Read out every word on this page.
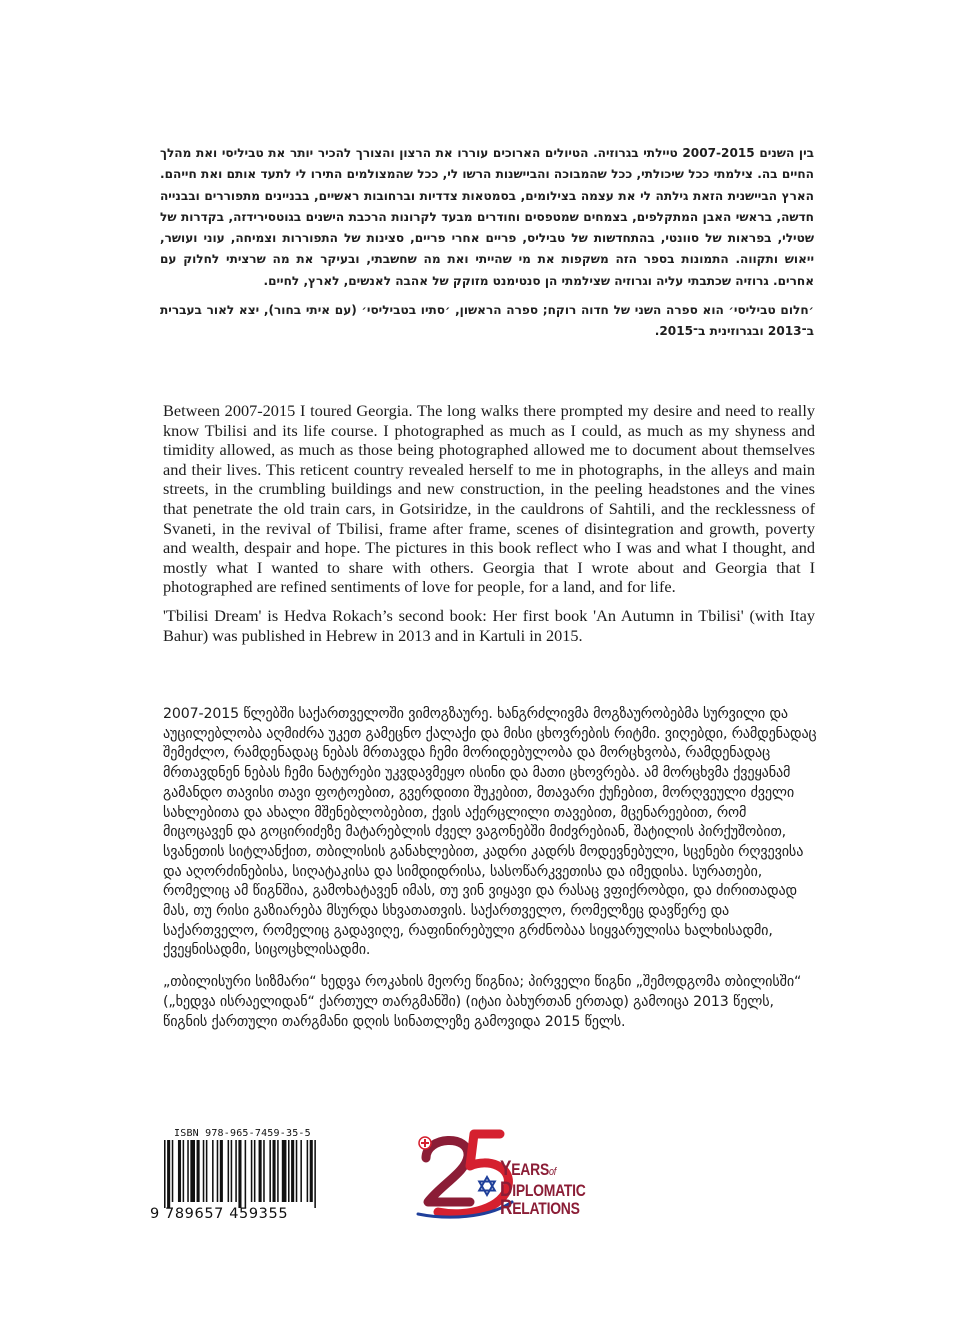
בין השנים 2007-2015 טיילתי בגרוזיה. הטיולים הארוכים עוררו את הרצון והצורך להכיר יותר את טביליסי ואת מהלך החיים בה. צילמתי ככל שיכולתי, ככל שהמבוכה והביישנות הרשו לי, ככל שהמצולמים התירו לי לתעד אותם ואת חייהם. הארץ הביישנית הזאת גילתה לי את עצמה בצילומים, בסמטאות צדדיות וברחובות ראשיים, בבניינים מתפוררים ובבנייה חדשה, בראשי האבן המתקלפים, בצמחים שמטפסים וחודרים מבעד לקרונות הרכבת הישנים בגוטסירידזה, בקדרות של שטילי, בפראות של סוונטי, בהתחדשות של טביליס, פריים אחרי פריים, סצינות של התפוררות וצמיחה, עוני ועושר, ייאוש ותקווה. התמונות בספר הזה משקפות את מי שהייתי ואת מה שחשבתי, ובעיקר את מה שרציתי לחלוק עם אחרים. גרוזיה שכתבתי עליה וגרוזיה שצילמתי הן סנטימנט מזוקק של אהבה לאנשים, לארץ, לחיים.

׳חלום טביליסי׳ הוא ספרה השני של חדוה רוקח; ספרה הראשון, ׳סתיו בטביליסי׳ (עם איתי בחור), יצא לאור בעברית ב־2013 ובגרוזינית ב־2015.

Between 2007-2015 I toured Georgia. The long walks there prompted my desire and need to really know Tbilisi and its life course. I photographed as much as I could, as much as my shyness and timidity allowed, as much as those being photographed allowed me to document about themselves and their lives. This reticent country revealed herself to me in photographs, in the alleys and main streets, in the crumbling buildings and new construction, in the peeling headstones and the vines that penetrate the old train cars, in Gotsiridze, in the cauldrons of Sahtili, and the recklessness of Svaneti, in the revival of Tbilisi, frame after frame, scenes of disintegration and growth, poverty and wealth, despair and hope. The pictures in this book reflect who I was and what I thought, and mostly what I wanted to share with others. Georgia that I wrote about and Georgia that I photographed are refined sentiments of love for people, for a land, and for life.

'Tbilisi Dream' is Hedva Rokach’s second book: Her first book 'An Autumn in Tbilisi' (with Itay Bahur) was published in Hebrew in 2013 and in Kartuli in 2015.

2007-2015 წლებში საქართველოში ვიმოგზაურე. ხანგრძლივმა მოგზაურობებმა სურვილი და აუცილებლობა აღმიძრა უკეთ გამეცნო ქალაქი და მისი ცხოვრების რიტმი. ვიღებდი, რამდენადაც შემეძლო, რამდენადაც ნებას მრთავდა ჩემი მორიდებულობა და მორცხვობა, რამდენადაც მრთავდნენ ნებას ჩემი ნატურები უკვდავმეყო ისინი და მათი ცხოვრება. ამ მორცხვმა ქვეყანამ გამანდო თავისი თავი ფოტოებით, გვერდითი შუკებით, მთავარი ქუჩებით, მორღვეული ძველი სახლებითა და ახალი მშენებლობებით, ქვის აქერცლილი თავებით, მცენარეებით, რომ მიცოცავენ და გოცირიძეზე მატარებლის ძველ ვაგონებში მიძვრებიან, შატილის პირქუშობით, სვანეთის სიტლანქით, თბილისის განახლებით, კადრი კადრს მოდევნებული, სცენები რღვევისა და აღორძინებისა, სიღატაკისა და სიმდიდრისა, სასოწარკვეთისა და იმედისა. სურათები, რომელიც ამ წიგნშია, გამოხატავენ იმას, თუ ვინ ვიყავი და რასაც ვფიქრობდი, და ძირითადად მას, თუ რისი გაზიარება მსურდა სხვათათვის. საქართველო, რომელზეც დავწერე და საქართველო, რომელიც გადავიღე, რაფინირებული გრძნობაა სიყვარულისა ხალხისადმი, ქვეყნისადმი, სიცოცხლისადმი.

„თბილისური სიზმარი“ ხედვა როკახის მეორე წიგნია; პირველი წიგნი „შემოდგომა თბილისში“ („ხედვა ისრაელიდან“ ქართულ თარგმანში) (იტაი ბახურთან ერთად) გამოიცა 2013 წელს, წიგნის ქართული თარგმანი დღის სინათლეზე გამოვიდა 2015 წელს.

ISBN 978-965-7459-35-5
9 789657 459355
YEARSof
DIPLOMATIC
RELATIONS
